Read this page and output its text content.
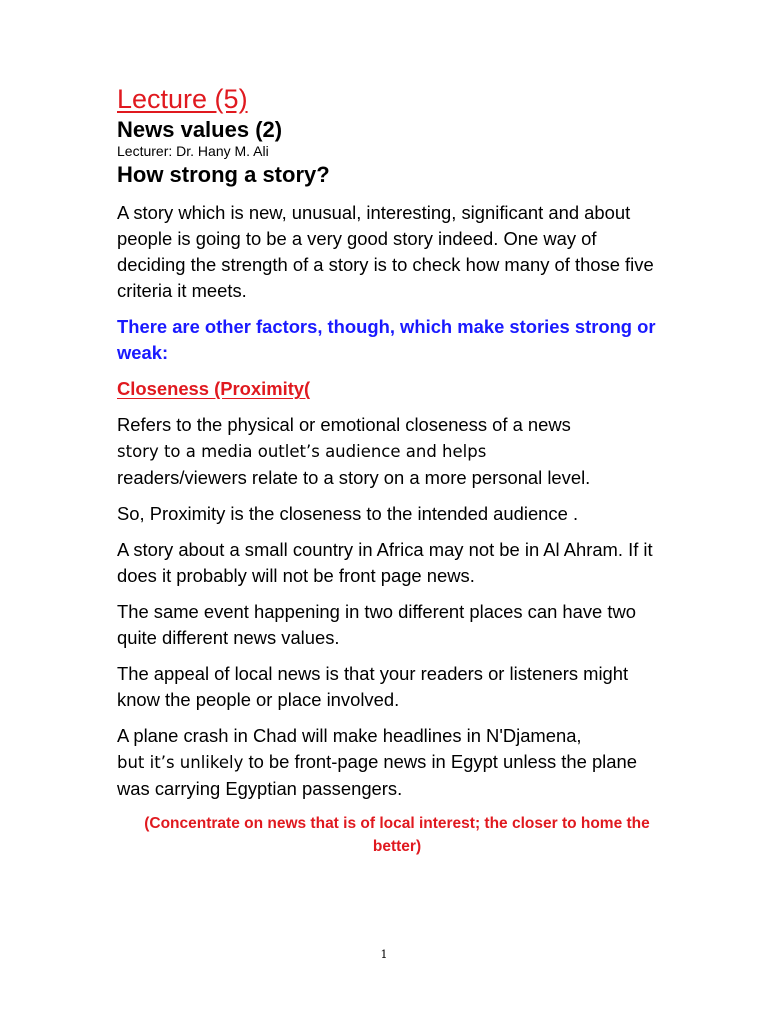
Lecture (5)
News values (2)

Lecturer: Dr. Hany M. Ali

How strong a story?

A story which is new, unusual, interesting, significant and about people is going to be a very good story indeed. One way of deciding the strength of a story is to check how many of those five criteria it meets.

There are other factors, though, which make stories strong or weak:

Closeness (Proximity(

Refers to the physical or emotional closeness of a news
story to a media outlet’s audience and helps
readers/viewers relate to a story on a more personal level.

So, Proximity is the closeness to the intended audience .

A story about a small country in Africa may not be in Al Ahram. If it does it probably will not be front page news.

The same event happening in two different places can have two quite different news values.

The appeal of local news is that your readers or listeners might know the people or place involved.

A plane crash in Chad will make headlines in N'Djamena,
but it’s unlikely to be front-page news in Egypt unless the plane was carrying Egyptian passengers.

(Concentrate on news that is of local interest; the closer to home the better)

1
